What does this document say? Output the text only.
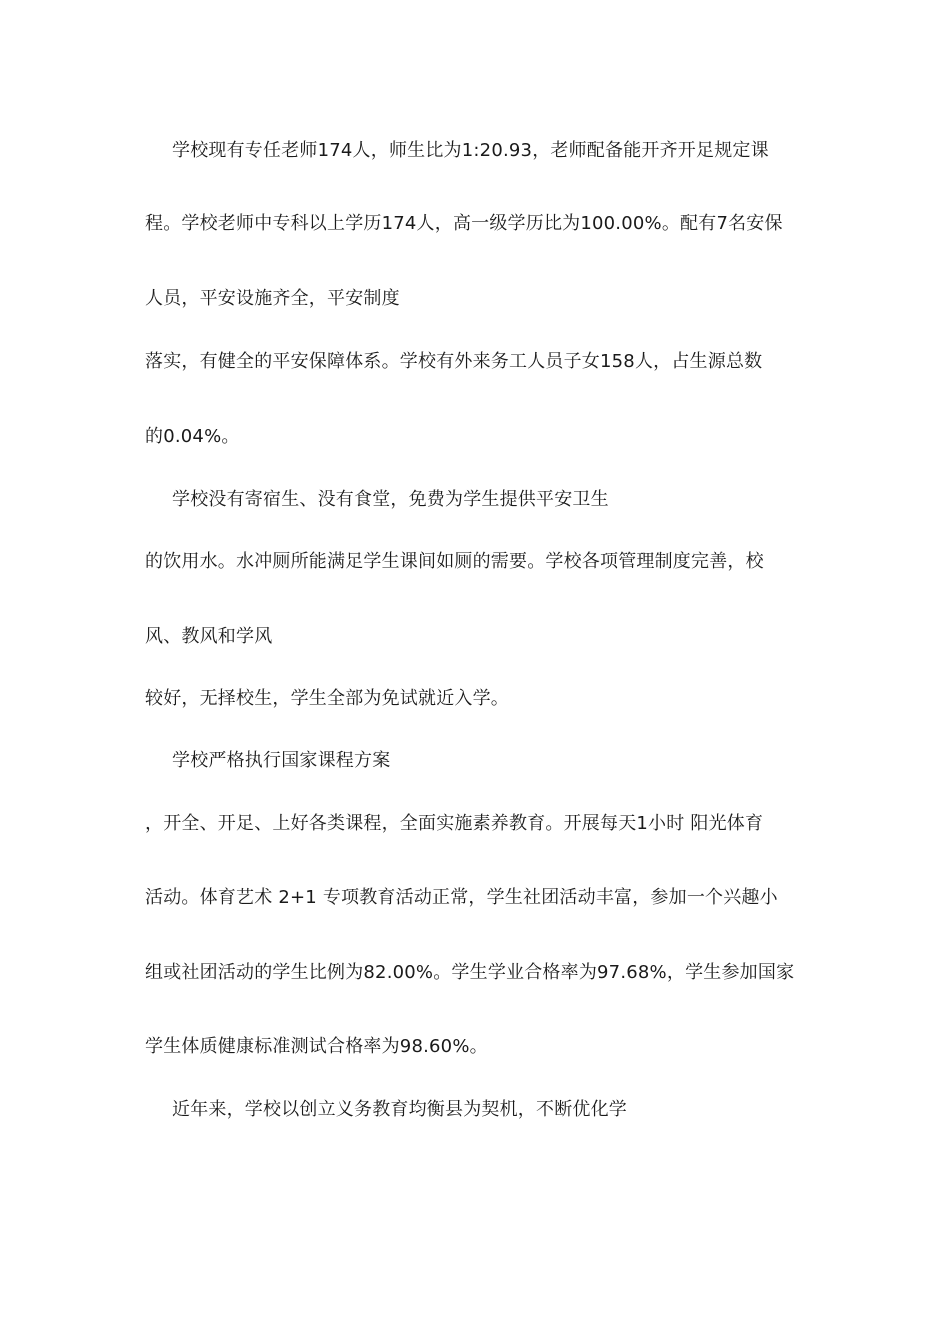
学校现有专任老师174人，师生比为1:20.93，老师配备能开齐开足规定课
程。学校老师中专科以上学历174人，高一级学历比为100.00%。配有7名安保
人员，平安设施齐全，平安制度
落实，有健全的平安保障体系。学校有外来务工人员子女158人，占生源总数
的0.04%。
学校没有寄宿生、没有食堂，免费为学生提供平安卫生
的饮用水。水冲厕所能满足学生课间如厕的需要。学校各项管理制度完善，校
风、教风和学风
较好，无择校生，学生全部为免试就近入学。
学校严格执行国家课程方案
，开全、开足、上好各类课程，全面实施素养教育。开展每天1小时 阳光体育
活动。体育艺术 2+1 专项教育活动正常，学生社团活动丰富，参加一个兴趣小
组或社团活动的学生比例为82.00%。学生学业合格率为97.68%，学生参加国家
学生体质健康标准测试合格率为98.60%。
近年来，学校以创立义务教育均衡县为契机，不断优化学
